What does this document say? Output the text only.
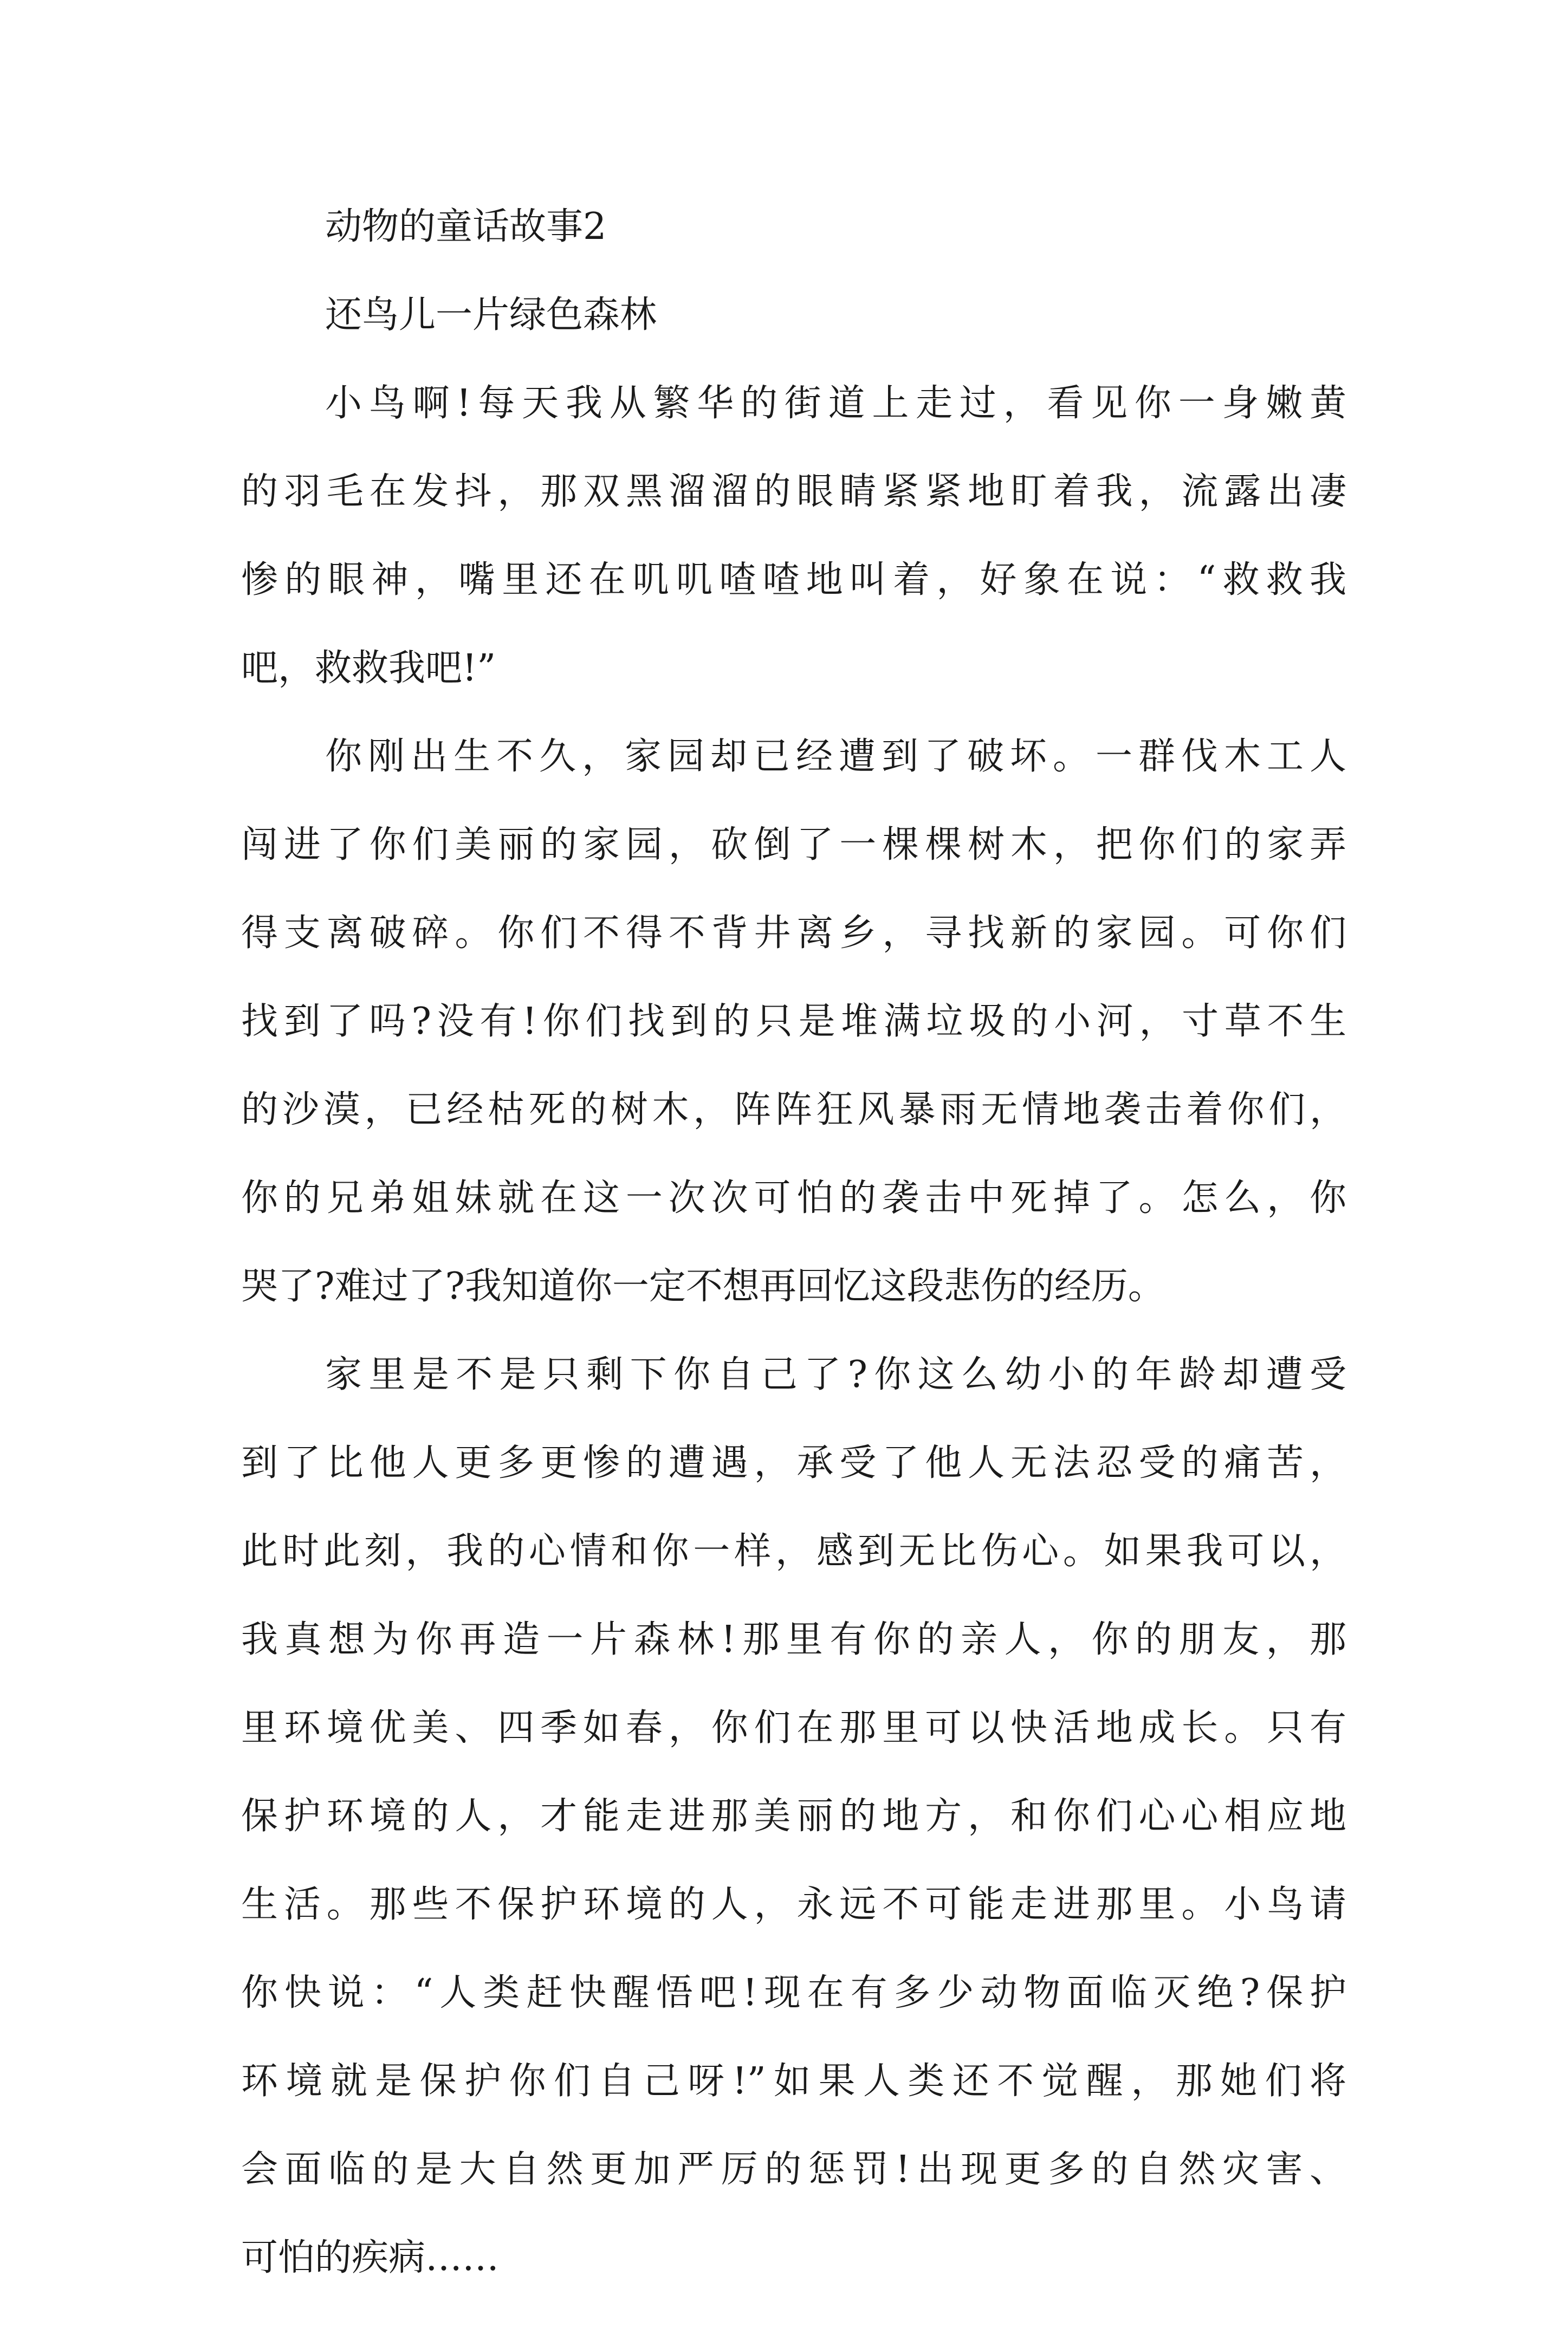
动物的童话故事2
还鸟儿一片绿色森林
小鸟啊!每天我从繁华的街道上走过，看见你一身嫩黄
的羽毛在发抖，那双黑溜溜的眼睛紧紧地盯着我，流露出凄
惨的眼神，嘴里还在叽叽喳喳地叫着，好象在说：“救救我
吧，救救我吧!”
你刚出生不久，家园却已经遭到了破坏。一群伐木工人
闯进了你们美丽的家园，砍倒了一棵棵树木，把你们的家弄
得支离破碎。你们不得不背井离乡，寻找新的家园。可你们
找到了吗?没有!你们找到的只是堆满垃圾的小河，寸草不生
的沙漠，已经枯死的树木，阵阵狂风暴雨无情地袭击着你们，
你的兄弟姐妹就在这一次次可怕的袭击中死掉了。怎么，你
哭了?难过了?我知道你一定不想再回忆这段悲伤的经历。
家里是不是只剩下你自己了?你这么幼小的年龄却遭受
到了比他人更多更惨的遭遇，承受了他人无法忍受的痛苦，
此时此刻，我的心情和你一样，感到无比伤心。如果我可以，
我真想为你再造一片森林!那里有你的亲人，你的朋友，那
里环境优美、四季如春，你们在那里可以快活地成长。只有
保护环境的人，才能走进那美丽的地方，和你们心心相应地
生活。那些不保护环境的人，永远不可能走进那里。小鸟请
你快说：“人类赶快醒悟吧!现在有多少动物面临灭绝?保护
环境就是保护你们自己呀!”如果人类还不觉醒，那她们将
会面临的是大自然更加严厉的惩罚!出现更多的自然灾害、
可怕的疾病……
